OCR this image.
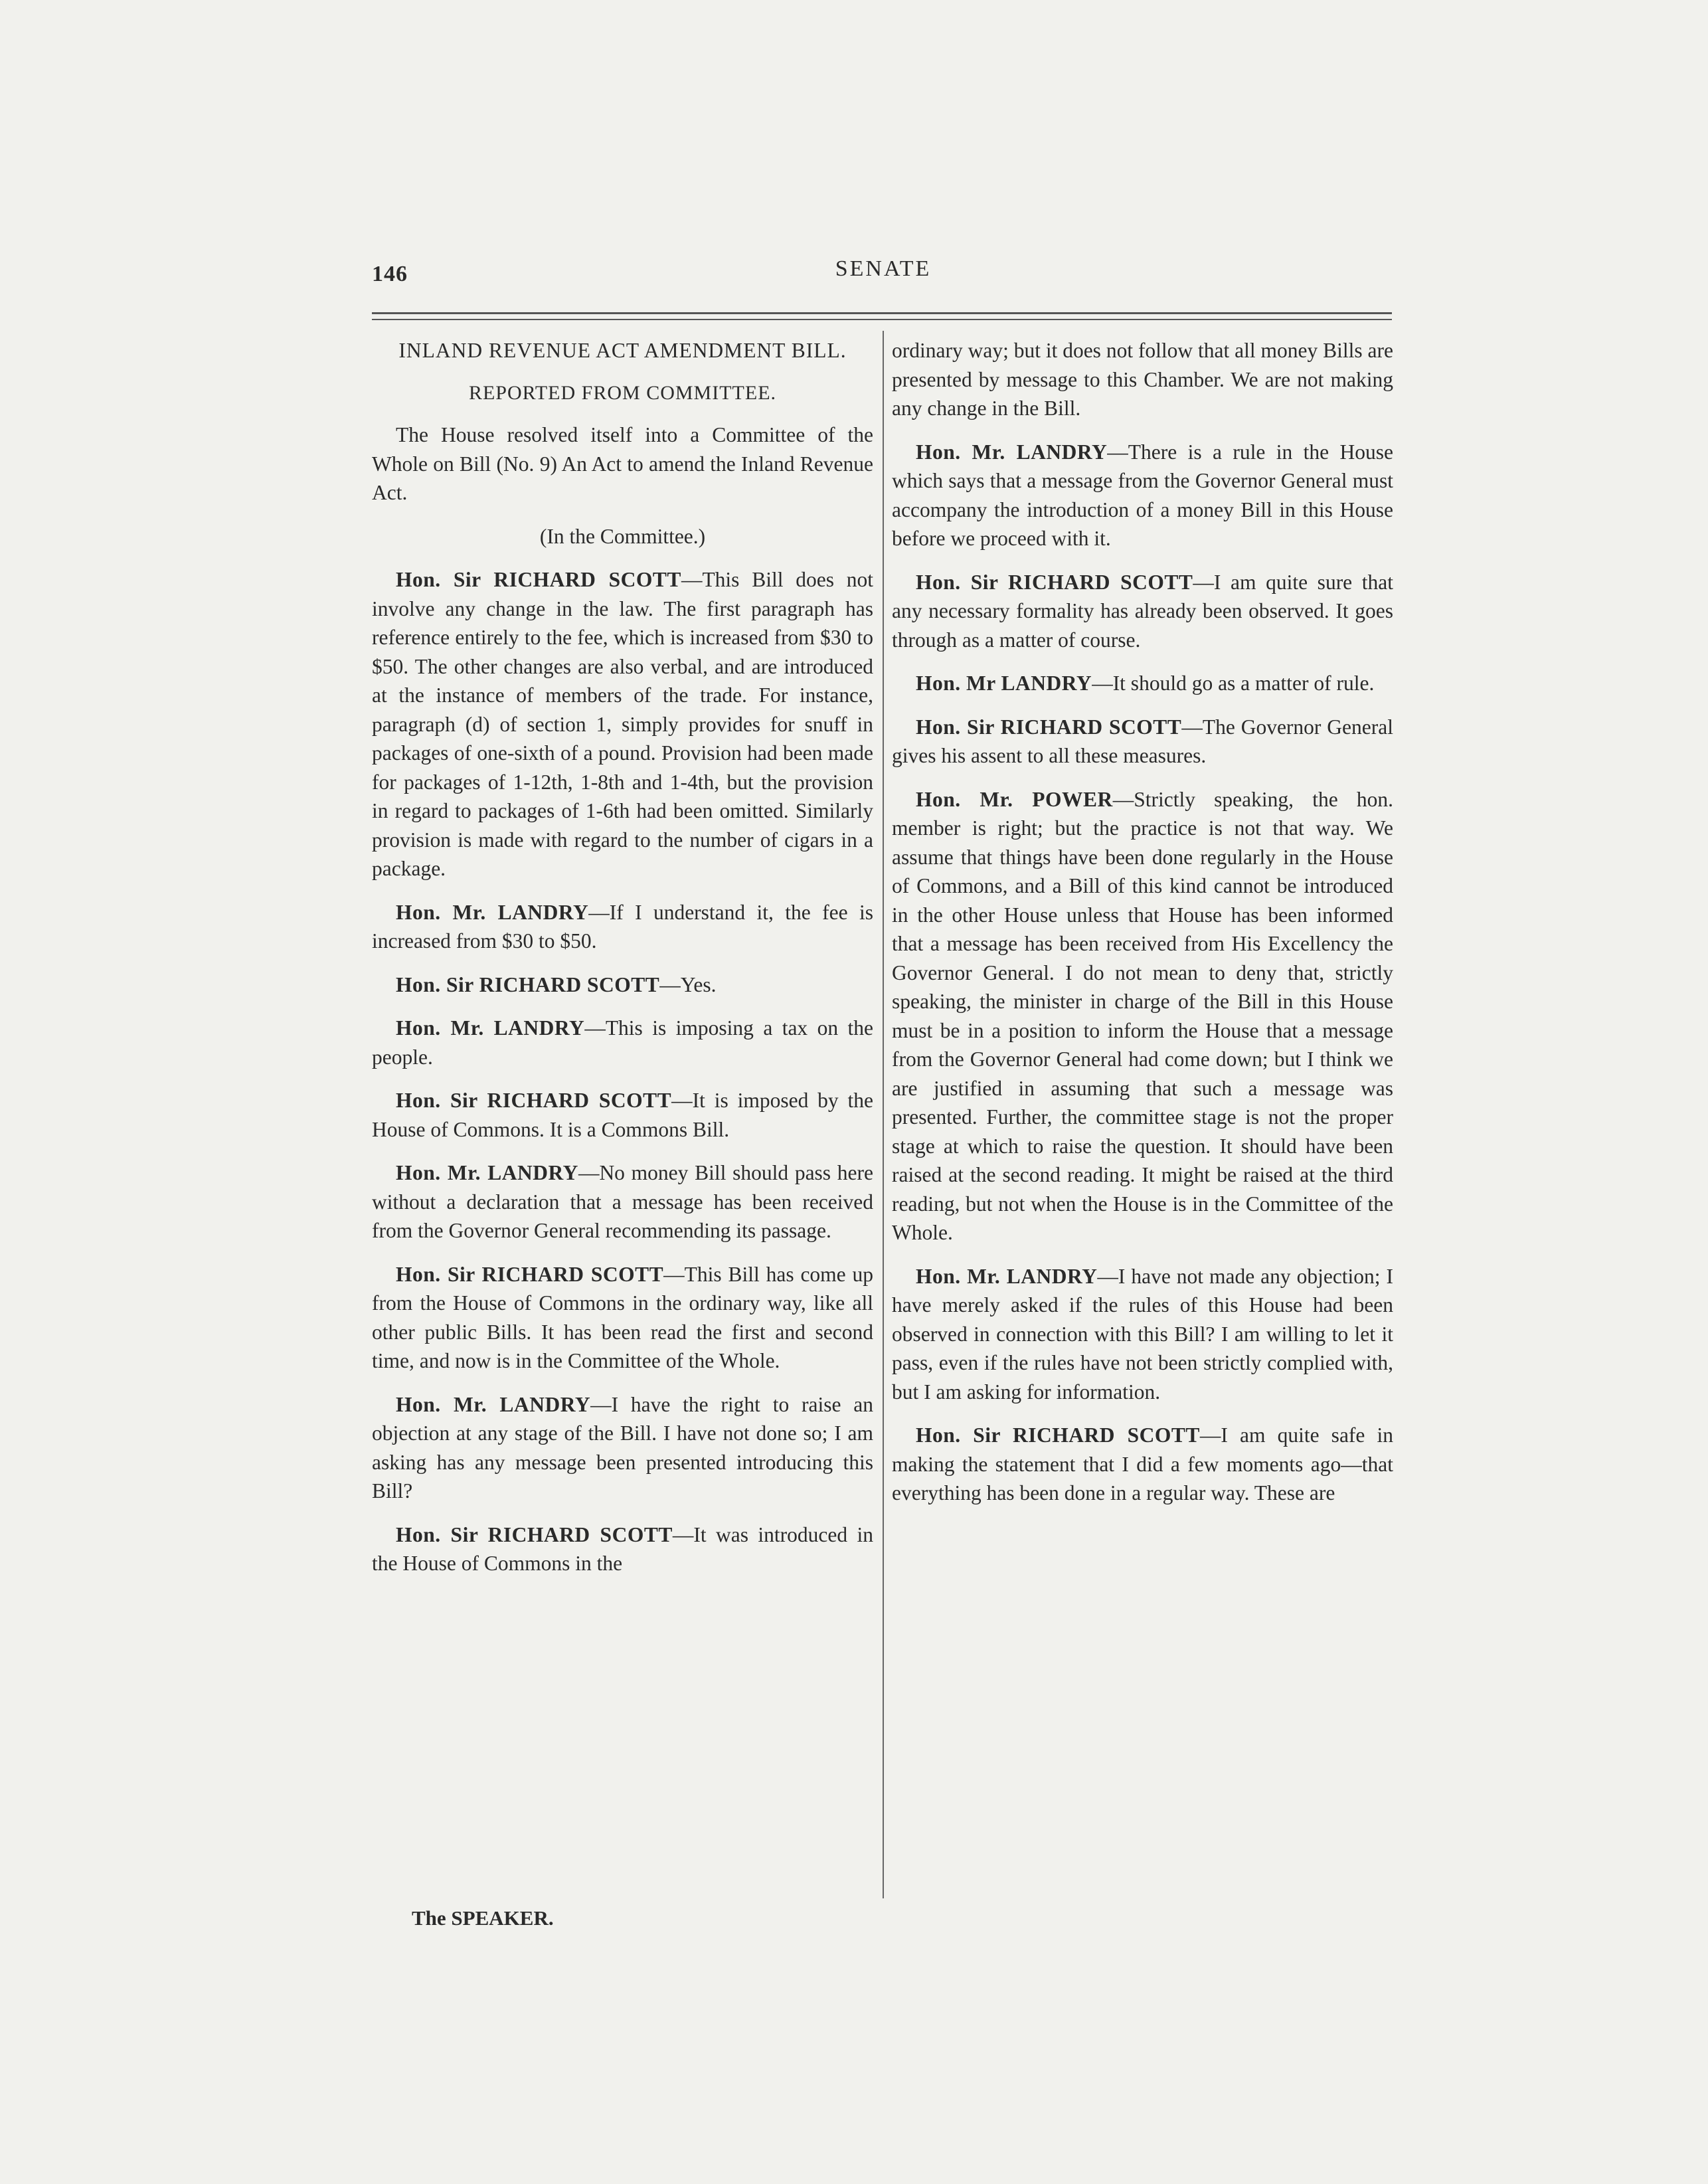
146	SENATE

INLAND REVENUE ACT AMENDMENT BILL.

REPORTED FROM COMMITTEE.

The House resolved itself into a Committee of the Whole on Bill (No. 9) An Act to amend the Inland Revenue Act.

(In the Committee.)

Hon. Sir RICHARD SCOTT—This Bill does not involve any change in the law. The first paragraph has reference entirely to the fee, which is increased from $30 to $50. The other changes are also verbal, and are introduced at the instance of members of the trade. For instance, paragraph (d) of section 1, simply provides for snuff in packages of one-sixth of a pound. Provision had been made for packages of 1-12th, 1-8th and 1-4th, but the provision in regard to packages of 1-6th had been omitted. Similarly provision is made with regard to the number of cigars in a package.

Hon. Mr. LANDRY—If I understand it, the fee is increased from $30 to $50.

Hon. Sir RICHARD SCOTT—Yes.

Hon. Mr. LANDRY—This is imposing a tax on the people.

Hon. Sir RICHARD SCOTT—It is imposed by the House of Commons. It is a Commons Bill.

Hon. Mr. LANDRY—No money Bill should pass here without a declaration that a message has been received from the Governor General recommending its passage.

Hon. Sir RICHARD SCOTT—This Bill has come up from the House of Commons in the ordinary way, like all other public Bills. It has been read the first and second time, and now is in the Committee of the Whole.

Hon. Mr. LANDRY—I have the right to raise an objection at any stage of the Bill. I have not done so; I am asking has any message been presented introducing this Bill?

Hon. Sir RICHARD SCOTT—It was introduced in the House of Commons in the

The SPEAKER.

ordinary way; but it does not follow that all money Bills are presented by message to this Chamber. We are not making any change in the Bill.

Hon. Mr. LANDRY—There is a rule in the House which says that a message from the Governor General must accompany the introduction of a money Bill in this House before we proceed with it.

Hon. Sir RICHARD SCOTT—I am quite sure that any necessary formality has already been observed. It goes through as a matter of course.

Hon. Mr LANDRY—It should go as a matter of rule.

Hon. Sir RICHARD SCOTT—The Governor General gives his assent to all these measures.

Hon. Mr. POWER—Strictly speaking, the hon. member is right; but the practice is not that way. We assume that things have been done regularly in the House of Commons, and a Bill of this kind cannot be introduced in the other House unless that House has been informed that a message has been received from His Excellency the Governor General. I do not mean to deny that, strictly speaking, the minister in charge of the Bill in this House must be in a position to inform the House that a message from the Governor General had come down; but I think we are justified in assuming that such a message was presented. Further, the committee stage is not the proper stage at which to raise the question. It should have been raised at the second reading. It might be raised at the third reading, but not when the House is in the Committee of the Whole.

Hon. Mr. LANDRY—I have not made any objection; I have merely asked if the rules of this House had been observed in connection with this Bill? I am willing to let it pass, even if the rules have not been strictly complied with, but I am asking for information.

Hon. Sir RICHARD SCOTT—I am quite safe in making the statement that I did a few moments ago—that everything has been done in a regular way. These are
